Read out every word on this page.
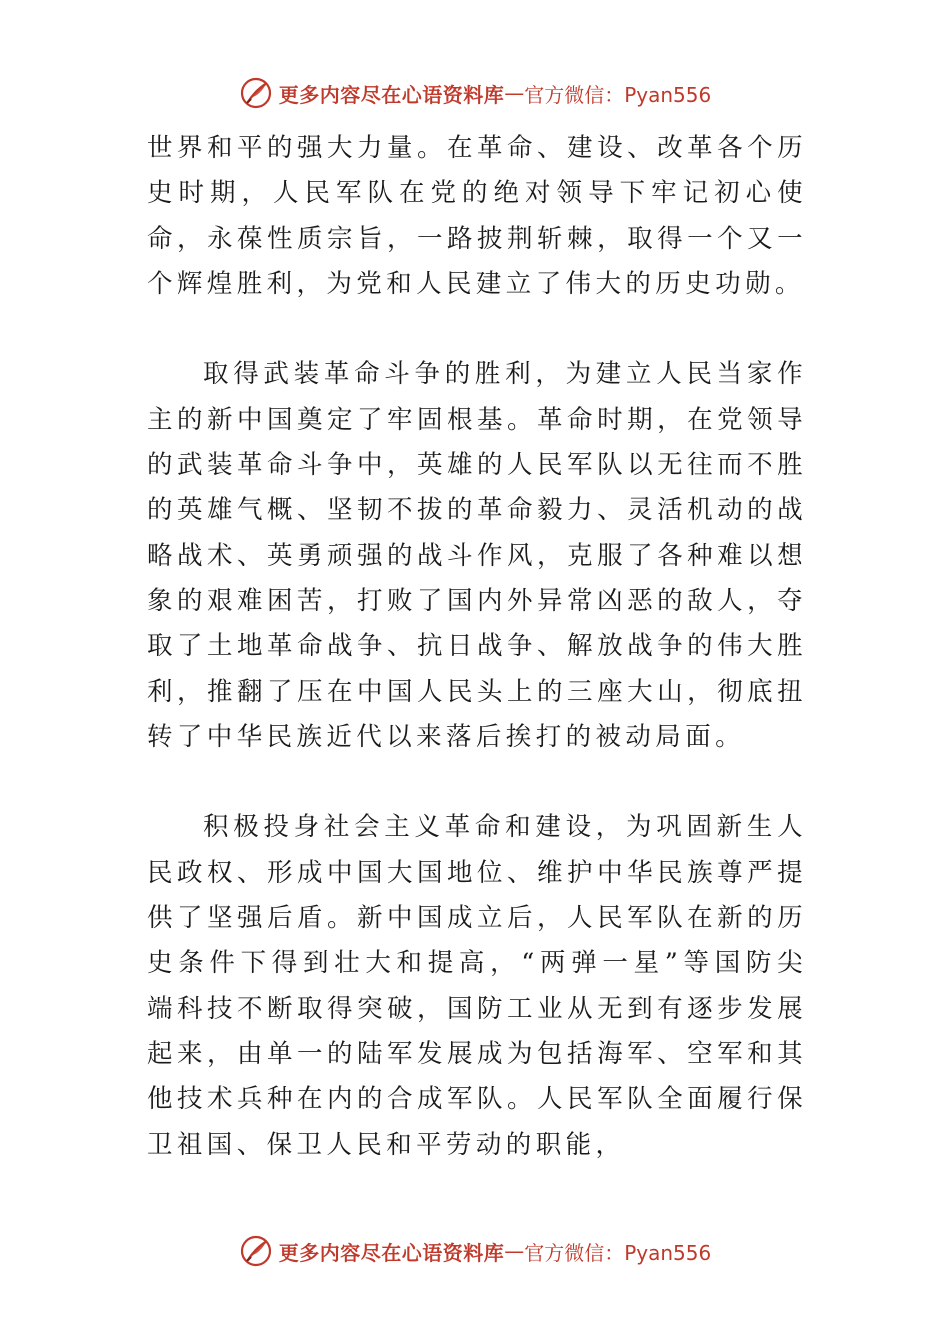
更多内容尽在心语资料库 — 官方微信：Pyan556

世界和平的强大力量。在革命、建设、改革各个历史时期，人民军队在党的绝对领导下牢记初心使命，永葆性质宗旨，一路披荆斩棘，取得一个又一个辉煌胜利，为党和人民建立了伟大的历史功勋。

取得武装革命斗争的胜利，为建立人民当家作主的新中国奠定了牢固根基。革命时期，在党领导的武装革命斗争中，英雄的人民军队以无往而不胜的英雄气概、坚韧不拔的革命毅力、灵活机动的战略战术、英勇顽强的战斗作风，克服了各种难以想象的艰难困苦，打败了国内外异常凶恶的敌人，夺取了土地革命战争、抗日战争、解放战争的伟大胜利，推翻了压在中国人民头上的三座大山，彻底扭转了中华民族近代以来落后挨打的被动局面。

积极投身社会主义革命和建设，为巩固新生人民政权、形成中国大国地位、维护中华民族尊严提供了坚强后盾。新中国成立后，人民军队在新的历史条件下得到壮大和提高，“两弹一星”等国防尖端科技不断取得突破，国防工业从无到有逐步发展起来，由单一的陆军发展成为包括海军、空军和其他技术兵种在内的合成军队。人民军队全面履行保卫祖国、保卫人民和平劳动的职能，

更多内容尽在心语资料库 — 官方微信：Pyan556
